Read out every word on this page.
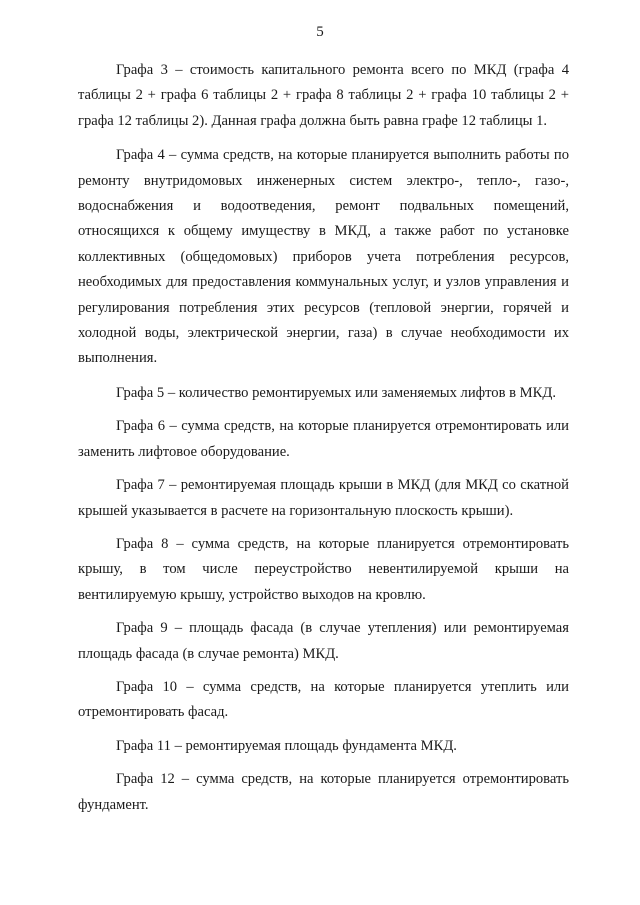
5

Графа 3 – стоимость капитального ремонта всего по МКД (графа 4 таблицы 2 + графа 6 таблицы 2 + графа 8 таблицы 2 + графа 10 таблицы 2 + графа 12 таблицы 2). Данная графа должна быть равна графе 12 таблицы 1.

Графа 4 – сумма средств, на которые планируется выполнить работы по ремонту внутридомовых инженерных систем электро-, тепло-, газо-, водоснабжения и водоотведения, ремонт подвальных помещений, относящихся к общему имуществу в МКД, а также работ по установке коллективных (общедомовых) приборов учета потребления ресурсов, необходимых для предоставления коммунальных услуг, и узлов управления и регулирования потребления этих ресурсов (тепловой энергии, горячей и холодной воды, электрической энергии, газа) в случае необходимости их выполнения.

Графа 5 – количество ремонтируемых или заменяемых лифтов в МКД.

Графа 6 – сумма средств, на которые планируется отремонтировать или заменить лифтовое оборудование.

Графа 7 – ремонтируемая площадь крыши в МКД (для МКД со скатной крышей указывается в расчете на горизонтальную плоскость крыши).

Графа 8 – сумма средств, на которые планируется отремонтировать крышу, в том числе переустройство невентилируемой крыши на вентилируемую крышу, устройство выходов на кровлю.

Графа 9 – площадь фасада (в случае утепления) или ремонтируемая площадь фасада (в случае ремонта) МКД.

Графа 10 – сумма средств, на которые планируется утеплить или отремонтировать фасад.

Графа 11 – ремонтируемая площадь фундамента МКД.

Графа 12 – сумма средств, на которые планируется отремонтировать фундамент.
